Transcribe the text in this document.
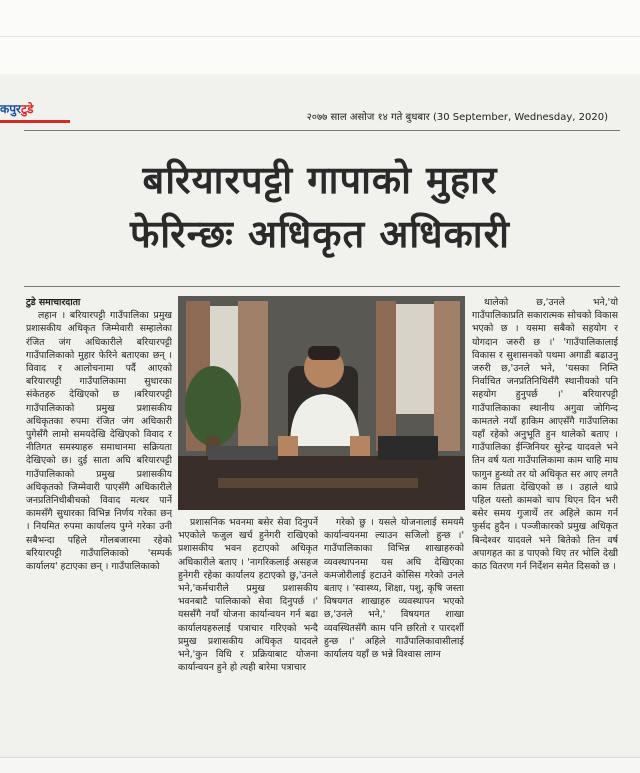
कपुरटुडे
२०७७ साल असोज १४ गते बुधबार (30 September, Wednesday, 2020)
बरियारपट्टी गापाको मुहार
फेरिन्छः अधिकृत अधिकारी
टुडे समाचारदाता

लहान । बरियारपट्टी गाउँपालिका प्रमुख प्रशासकीय अधिकृत जिम्मेवारी सम्हालेका रंजित जंग अधिकारीले बरियारपट्टी गाउँपालिकाको मुहार फेरिने बताएका छन् । विवाद र आलोचनामा पर्दै आएको बरियारपट्टी गाउँपालिकामा सुधारका संकेतहरु देखिएको छ ।बरियारपट्टी गाउँपालिकाको प्रमुख प्रशासकीय अधिकृतका रुपमा रंजित जंग अधिकारी पुगेसँगै लामो समयदेखि देखिएको विवाद र नीतिगत समस्याहरु समाधानमा सक्रियता देखिएको छ। दुई साता अघि बरियारपट्टी गाउँपालिकाको प्रमुख प्रशासकीय अधिकृतको जिम्मेवारी पाएसँगै अधिकारीले जनप्रतिनिधीबीचको विवाद मत्थर पार्ने कामसँगै सुधारका विभिन्न निर्णय गरेका छन् । नियमित रुपमा कार्यालय पुग्ने गरेका उनी सबैभन्दा पहिले गोलबजारमा रहेको बरियारपट्टी गाउँपालिकाको 'सम्पर्क कार्यालय' हटाएका छन् । गाउँपालिकाको

प्रशासनिक भवनमा बसेर सेवा दिनुपर्ने भएकोले फजुल खर्च हुनेगरी राखिएको प्रशासकीय भवन हटाएको अधिकृत अधिकारीले बताए । 'नागरिकलाई असहज हुनेगरी रहेका कार्यालय हटाएको छु,'उनले भने,'कर्मचारीले प्रमुख प्रशासकीय भवनबाटै पालिकाको सेवा दिनुपर्छ ।' यससँगै नयाँ योजना कार्यान्वयन गर्न बढा कार्यालयहरुलाई पत्राचार गरिएको भन्दै प्रमुख प्रशासकीय अधिकृत यादवले भने,'कुन विधि र प्रक्रियाबाट योजना कार्यान्वयन हुने हो त्यही बारेमा पत्राचार

गरेको छु । यसले योजनालाई समयमै कार्यान्वयनमा ल्याउन सजिलो हुन्छ ।' गाउँपालिकाका विभिन्न शाखाहरुको व्यवस्थापनमा यस अघि देखिएका कमजोरीलाई हटाउने कोसिस गरेको उनले बताए । 'स्वास्थ्य, शिक्षा, पशु, कृषि जस्ता विषयगत शाखाहरु व्यवस्थापन भएको छ,'उनले भने,' विषयगत शाखा व्यवस्थितसँगै काम पनि छरितो र पारदर्शी हुन्छ ।' अहिले गाउँपालिकावासीलाई कार्यालय यहाँ छ भन्ने विश्वास लाग्न

थालेको छ,'उनले भने,'यो गाउँपालिकाप्रति सकारात्मक सोचको विकास भएको छ । यसमा सबैको सहयोग र योगदान जरुरी छ ।' 'गाउँपालिकालाई विकास र सुशासनको पथमा अगाडी बढाउनु जरुरी छ,'उनले भने, 'यसका निम्ति निर्वाचित जनप्रतिनिधिसँगै स्थानीयको पनि सहयोग हुनुपर्छ ।' बरियारपट्टी गाउँपालिकाका स्थानीय अगुवा जोगिन्द कामतले नयाँ हाकिम आएसँगै गाउँपालिका यहाँ रहेको अनुभूति हुन थालेको बताए । गाउँपालिका ईन्जिनियर सुरेन्द्र यादवले भने तिन वर्ष यता गाउँपालिकामा काम चाहि माघ फागुन हुन्थ्यो तर यो अधिकृत सर आए लगतै काम तिव्रता देखिएको छ । उहाले थाप्रे पहिल यस्तो कामको चाप थिएन दिन भरी बसेर समय गुजार्थे तर अहिले काम गर्न फुर्सद हुदैन । पञ्जीकारको प्रमुख अधिकृत बिन्देश्वर यादवले भने बितेको तिन वर्ष अपागहत का ड पाएको थिए तर भोलि देखी काठ वितरण गर्न निर्देशन समेत दिसको छ ।
